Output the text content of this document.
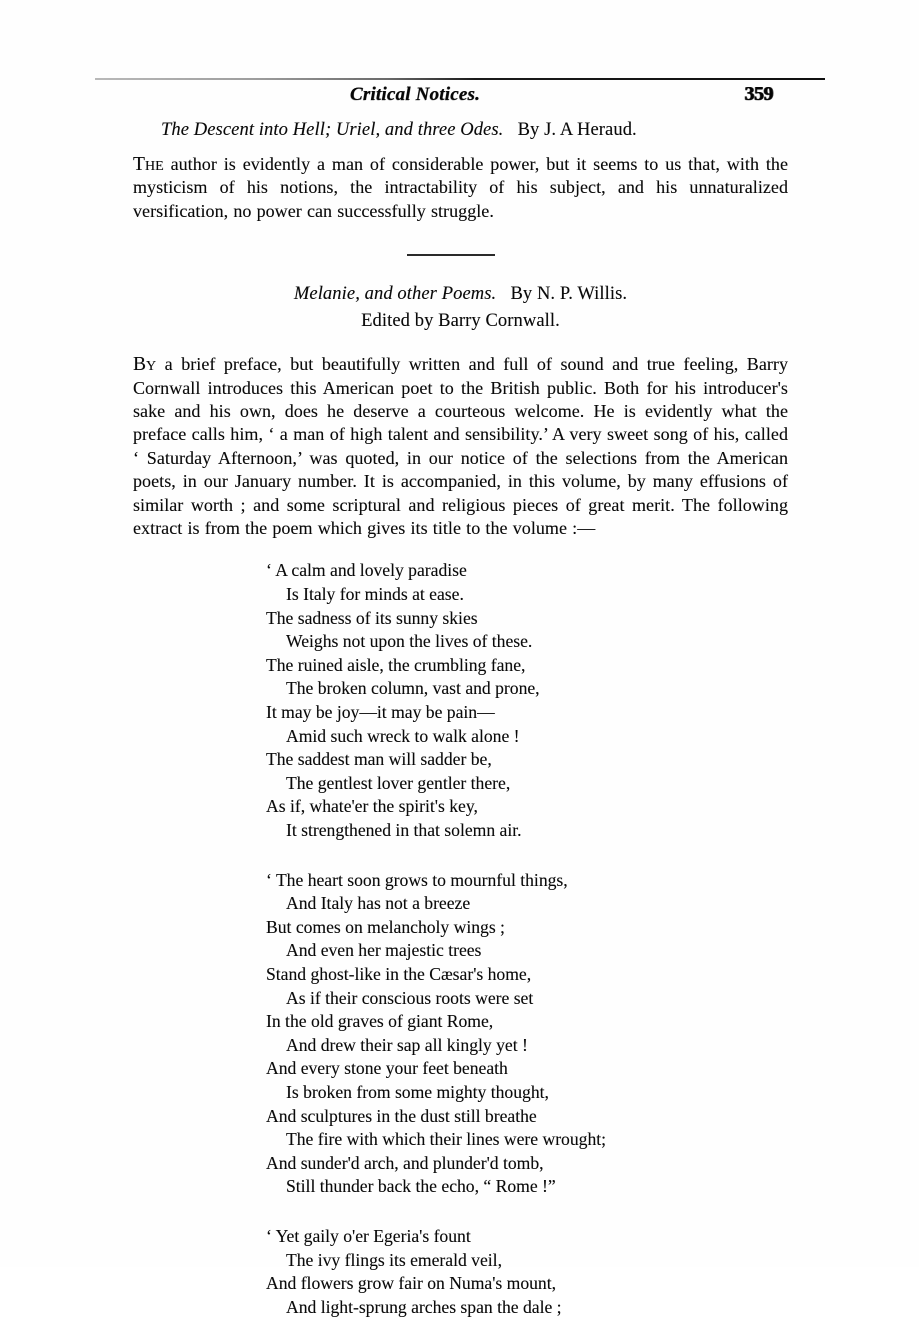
Critical Notices.	359
The Descent into Hell; Uriel, and three Odes. By J. A Heraud.

The author is evidently a man of considerable power, but it seems to us that, with the mysticism of his notions, the intractability of his subject, and his unnaturalized versification, no power can successfully struggle.

Melanie, and other Poems. By N. P. Willis.
Edited by Barry Cornwall.

By a brief preface, but beautifully written and full of sound and true feeling, Barry Cornwall introduces this American poet to the British public. Both for his introducer's sake and his own, does he deserve a courteous welcome. He is evidently what the preface calls him, ‘ a man of high talent and sensibility.’ A very sweet song of his, called ‘ Saturday Afternoon,’ was quoted, in our notice of the selections from the American poets, in our January number. It is accompanied, in this volume, by many effusions of similar worth ; and some scriptural and religious pieces of great merit. The following extract is from the poem which gives its title to the volume :—

‘ A calm and lovely paradise
Is Italy for minds at ease.
The sadness of its sunny skies
Weighs not upon the lives of these.
The ruined aisle, the crumbling fane,
The broken column, vast and prone,
It may be joy—it may be pain—
Amid such wreck to walk alone !
The saddest man will sadder be,
The gentlest lover gentler there,
As if, whate'er the spirit's key,
It strengthened in that solemn air.
‘ The heart soon grows to mournful things,
And Italy has not a breeze
But comes on melancholy wings ;
And even her majestic trees
Stand ghost-like in the Cæsar's home,
As if their conscious roots were set
In the old graves of giant Rome,
And drew their sap all kingly yet !
And every stone your feet beneath
Is broken from some mighty thought,
And sculptures in the dust still breathe
The fire with which their lines were wrought;
And sunder'd arch, and plunder'd tomb,
Still thunder back the echo, “ Rome !”
‘ Yet gaily o'er Egeria's fount
The ivy flings its emerald veil,
And flowers grow fair on Numa's mount,
And light-sprung arches span the dale ;
